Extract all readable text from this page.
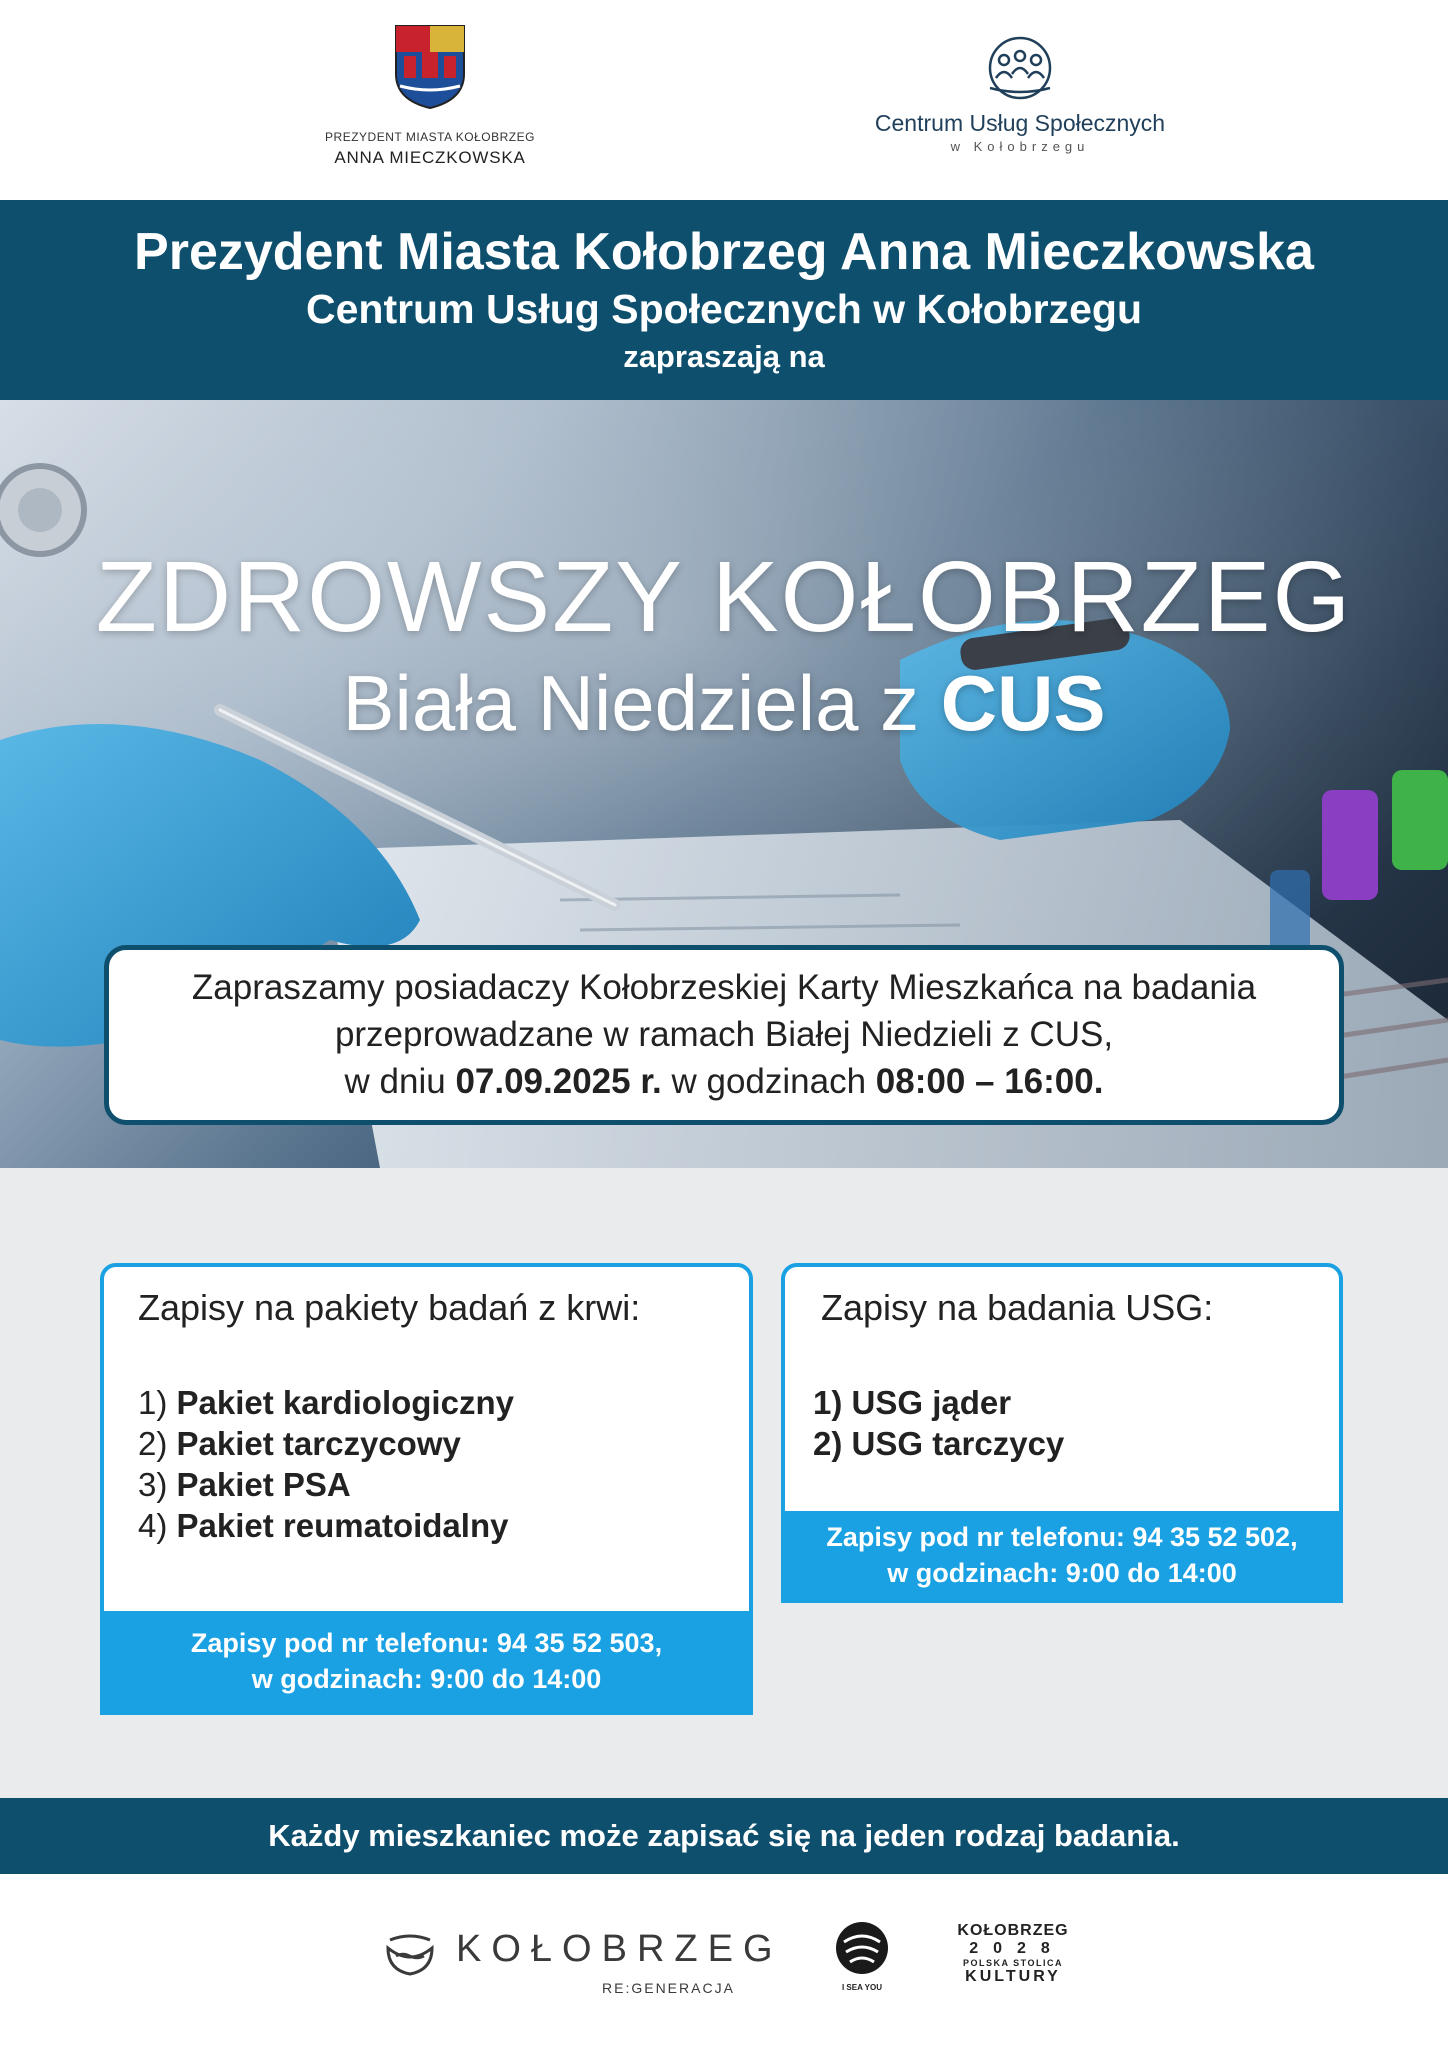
PREZYDENT MIASTA KOŁOBRZEG
ANNA MIECZKOWSKA
Centrum Usług Społecznych
w Kołobrzegu
Prezydent Miasta Kołobrzeg Anna Mieczkowska
Centrum Usług Społecznych w Kołobrzegu
zapraszają na
ZDROWSZY KOŁOBRZEG
Biała Niedziela z CUS

Zapraszamy posiadaczy Kołobrzeskiej Karty Mieszkańca na badania

przeprowadzane w ramach Białej Niedzieli z CUS,

w dniu 07.09.2025 r. w godzinach 08:00 – 16:00.

Zapisy na pakiety badań z krwi:
1) Pakiet kardiologiczny
2) Pakiet tarczycowy
3) Pakiet PSA
4) Pakiet reumatoidalny
Zapisy pod nr telefonu: 94 35 52 503,
w godzinach: 9:00 do 14:00
Zapisy na badania USG:
1) USG jąder
2) USG tarczycy
Zapisy pod nr telefonu: 94 35 52 502,
w godzinach: 9:00 do 14:00
Każdy mieszkaniec może zapisać się na jeden rodzaj badania.
KOŁOBRZEG
RE:GENERACJA	I SEA YOU
KOŁOBRZEG
2028
POLSKA STOLICA
KULTURY
